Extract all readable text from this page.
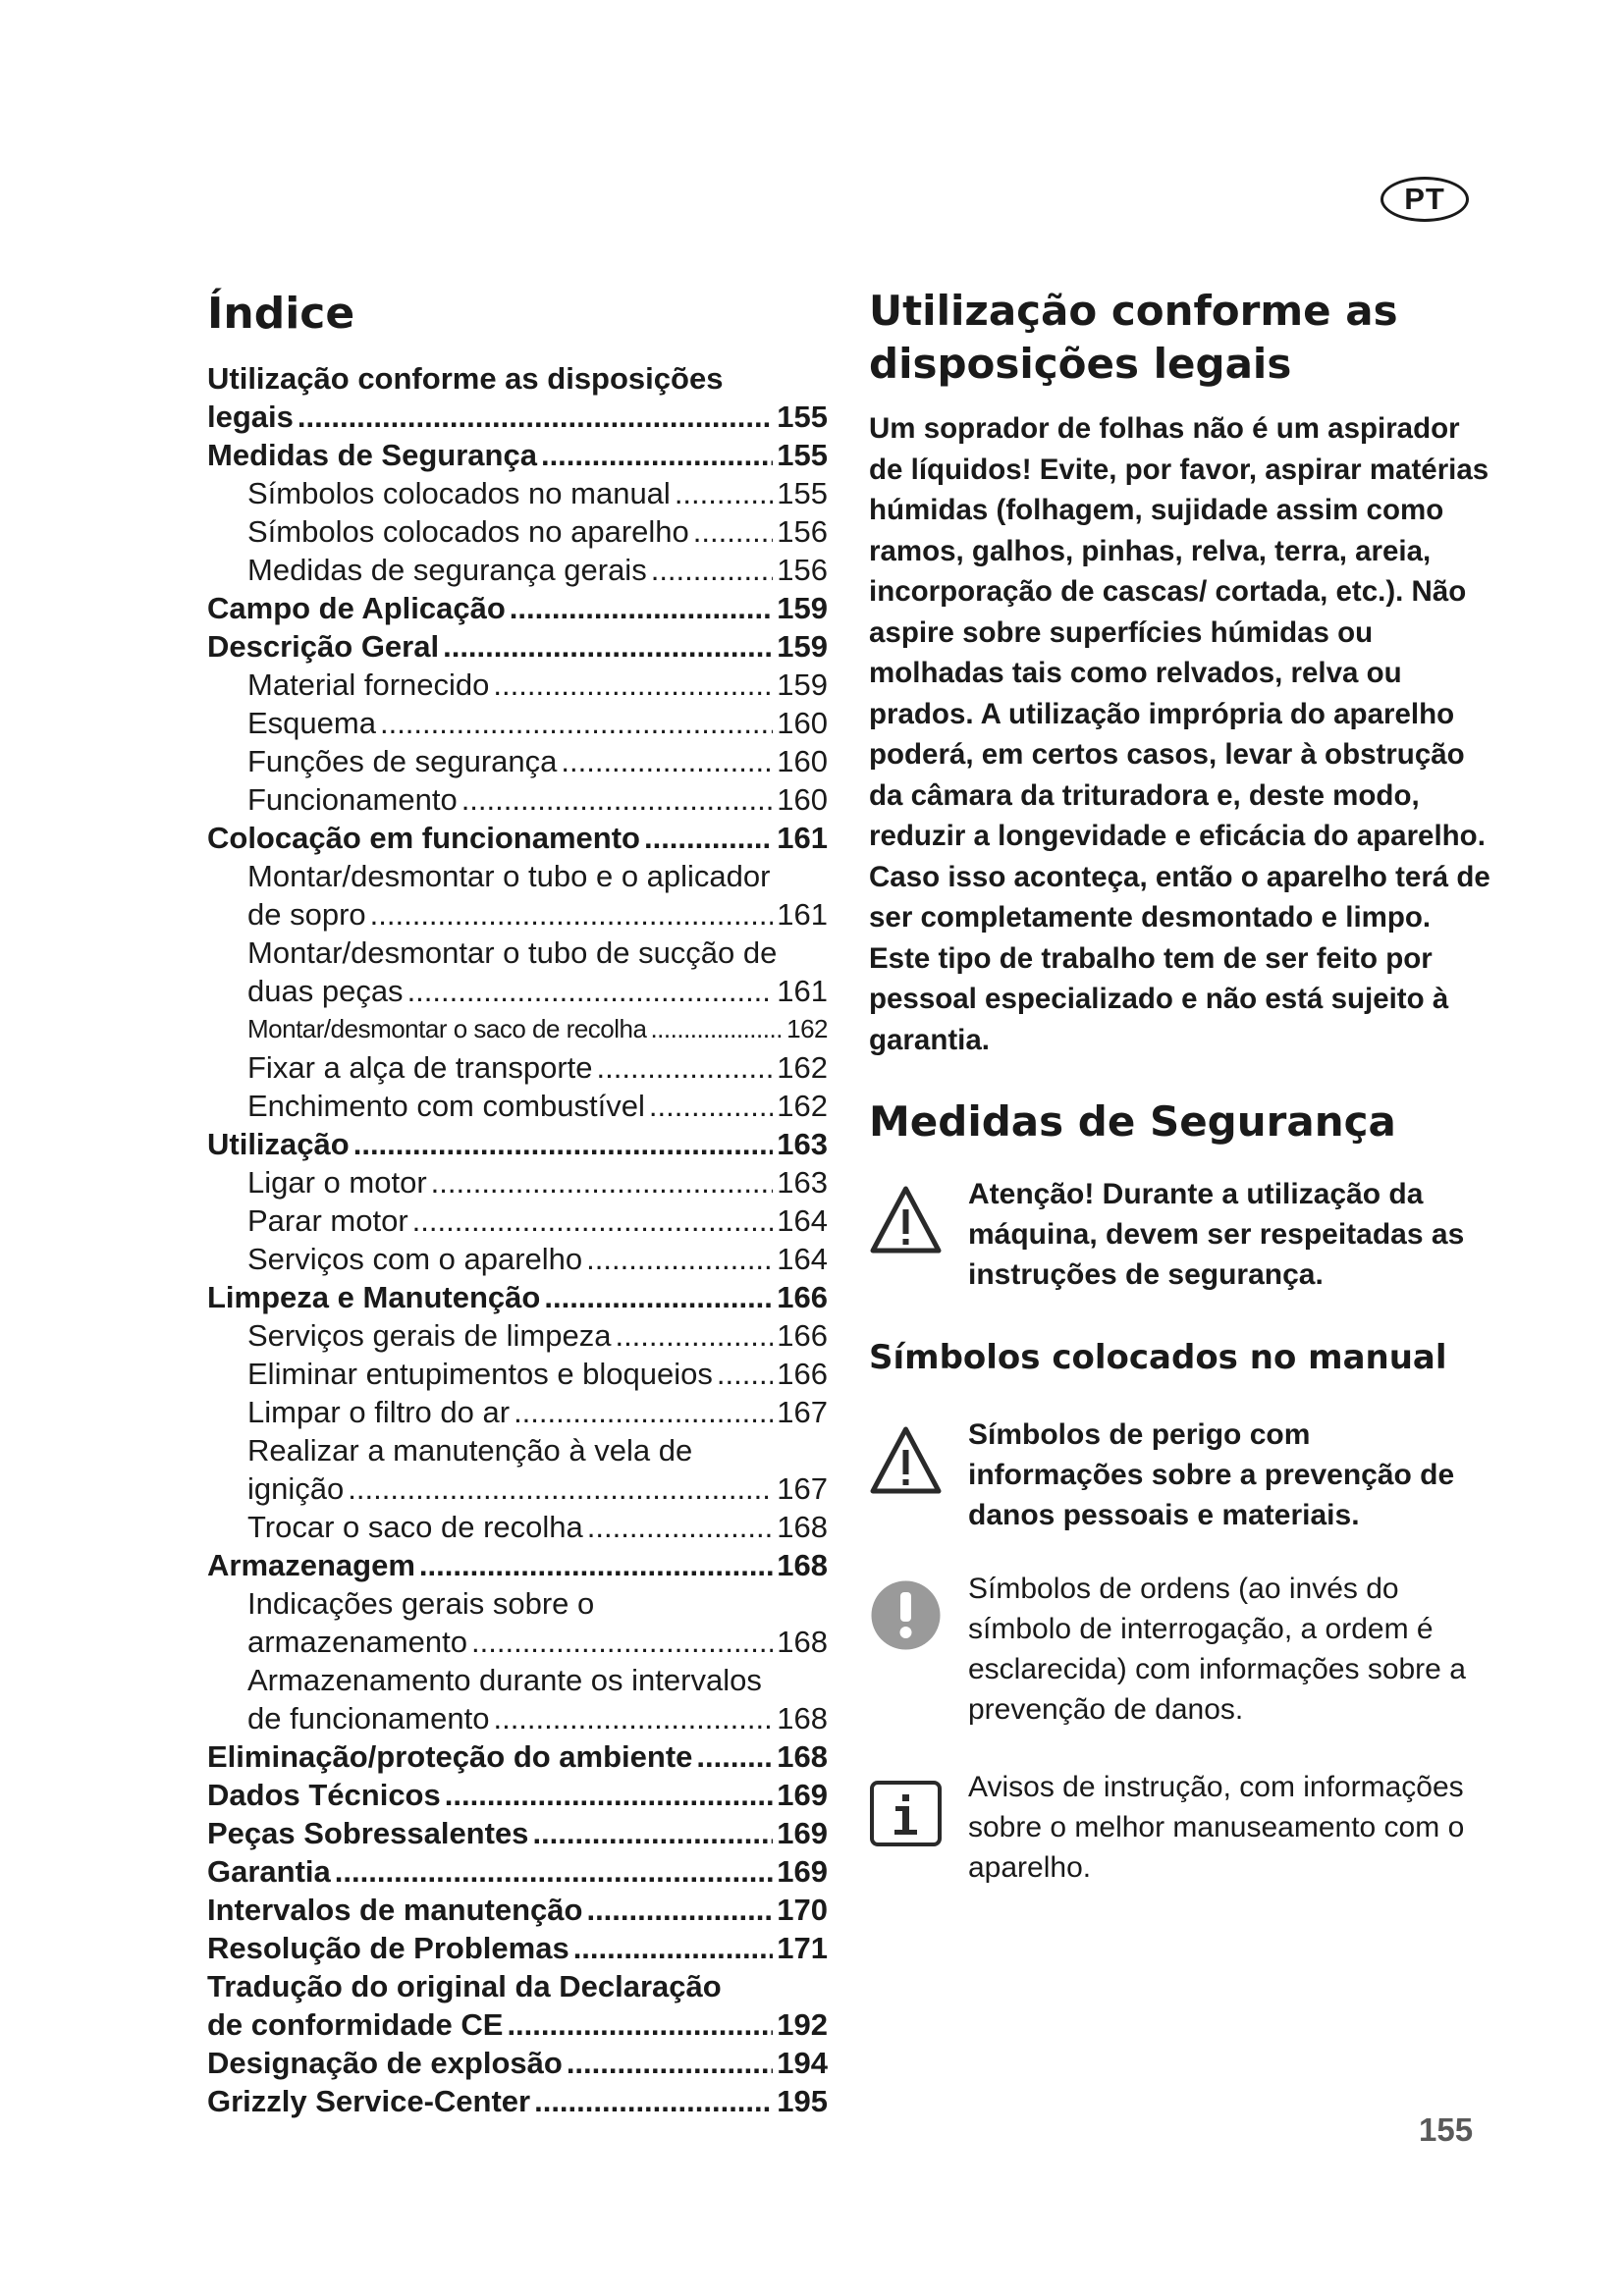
PT
Índice
Utilização conforme as disposições
legais .....	155
Medidas de Segurança .....	155
Símbolos colocados no manual .....	155
Símbolos colocados no aparelho .....	156
Medidas de segurança gerais .....	156
Campo de Aplicação .....	159
Descrição Geral .....	159
Material fornecido .....	159
Esquema .....	160
Funções de segurança .....	160
Funcionamento .....	160
Colocação em funcionamento .....	161
Montar/desmontar o tubo e o aplicador
de sopro .....	161
Montar/desmontar o tubo de sucção de
duas peças .....	161
Montar/desmontar o saco de recolha .....	162
Fixar a alça de transporte .....	162
Enchimento com combustível .....	162
Utilização .....	163
Ligar o motor .....	163
Parar motor .....	164
Serviços com o aparelho .....	164
Limpeza e Manutenção .....	166
Serviços gerais de limpeza .....	166
Eliminar entupimentos e bloqueios ..... 166
Limpar o filtro do ar .....	167
Realizar a manutenção à vela de
ignição .....	167
Trocar o saco de recolha .....	168
Armazenagem .....	168
Indicações gerais sobre o
armazenamento .....	168
Armazenamento durante os intervalos
de funcionamento .....	168
Eliminação/proteção do ambiente .....	168
Dados Técnicos .....	169
Peças Sobressalentes .....	169
Garantia .....	169
Intervalos de manutenção .....	170
Resolução de Problemas .....	171
Tradução do original da Declaração
de conformidade CE .....	192
Designação de explosão .....	194
Grizzly Service-Center .....	195
Utilização conforme as disposições legais

Um soprador de folhas não é um aspirador de líquidos! Evite, por favor, aspirar matérias húmidas (folhagem, sujidade assim como ramos, galhos, pinhas, relva, terra, areia, incorporação de cascas/ cortada, etc.). Não aspire sobre superfícies húmidas ou molhadas tais como relvados, relva ou prados. A utilização imprópria do aparelho poderá, em certos casos, levar à obstrução da câmara da trituradora e, deste modo, reduzir a longevidade e eficácia do aparelho. Caso isso aconteça, então o aparelho terá de ser completamente desmontado e limpo. Este tipo de trabalho tem de ser feito por pessoal especializado e não está sujeito à garantia.

Medidas de Segurança

Atenção! Durante a utilização da máquina, devem ser respeitadas as instruções de segurança.

Símbolos colocados no manual

Símbolos de perigo com informações sobre a prevenção de danos pessoais e materiais.

Símbolos de ordens (ao invés do símbolo de interrogação, a ordem é esclarecida) com informações sobre a prevenção de danos.

Avisos de instrução, com informações sobre o melhor manuseamento com o aparelho.

155
